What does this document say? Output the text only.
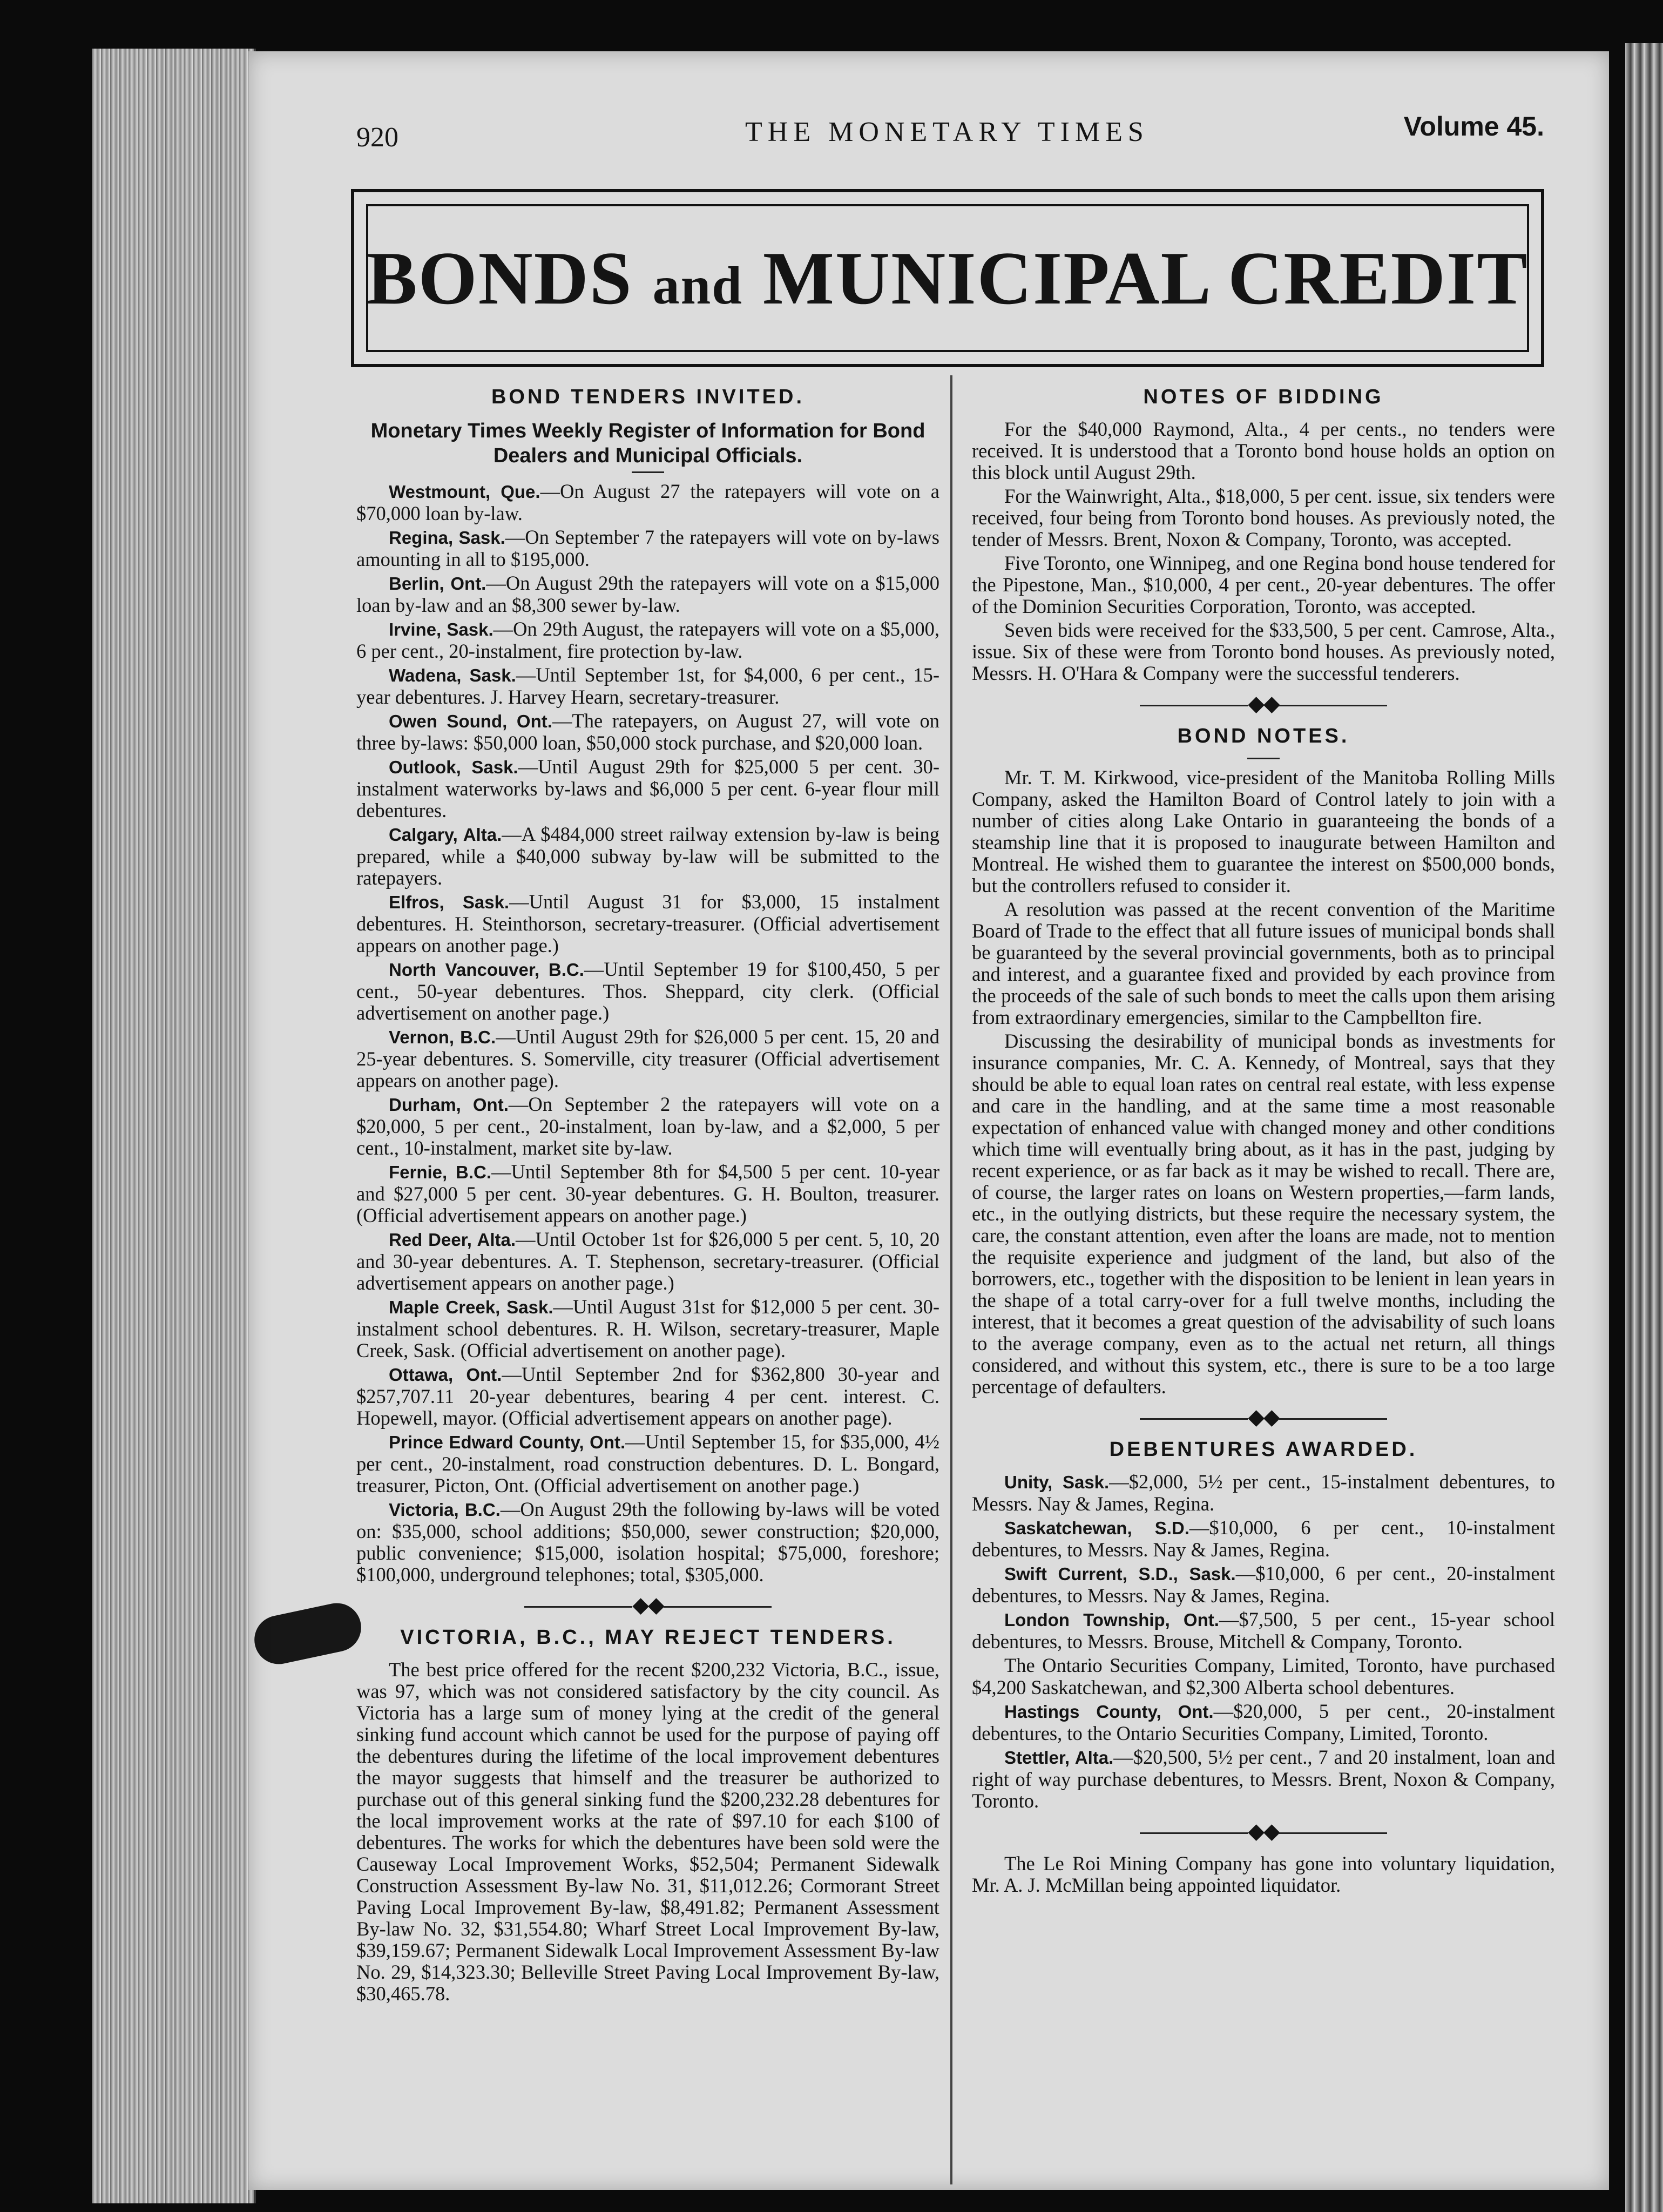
920	THE MONETARY TIMES	Volume 45.
BONDS and MUNICIPAL CREDIT
BOND TENDERS INVITED.
Monetary Times Weekly Register of Information for Bond Dealers and Municipal Officials.

Westmount, Que.—On August 27 the ratepayers will vote on a $70,000 loan by-law.

Regina, Sask.—On September 7 the ratepayers will vote on by-laws amounting in all to $195,000.

Berlin, Ont.—On August 29th the ratepayers will vote on a $15,000 loan by-law and an $8,300 sewer by-law.

Irvine, Sask.—On 29th August, the ratepayers will vote on a $5,000, 6 per cent., 20-instalment, fire protection by-law.

Wadena, Sask.—Until September 1st, for $4,000, 6 per cent., 15-year debentures. J. Harvey Hearn, secretary-treasurer.

Owen Sound, Ont.—The ratepayers, on August 27, will vote on three by-laws: $50,000 loan, $50,000 stock purchase, and $20,000 loan.

Outlook, Sask.—Until August 29th for $25,000 5 per cent. 30-instalment waterworks by-laws and $6,000 5 per cent. 6-year flour mill debentures.

Calgary, Alta.—A $484,000 street railway extension by-law is being prepared, while a $40,000 subway by-law will be submitted to the ratepayers.

Elfros, Sask.—Until August 31 for $3,000, 15 instalment debentures. H. Steinthorson, secretary-treasurer. (Official advertisement appears on another page.)

North Vancouver, B.C.—Until September 19 for $100,450, 5 per cent., 50-year debentures. Thos. Sheppard, city clerk. (Official advertisement on another page.)

Vernon, B.C.—Until August 29th for $26,000 5 per cent. 15, 20 and 25-year debentures. S. Somerville, city treasurer (Official advertisement appears on another page).

Durham, Ont.—On September 2 the ratepayers will vote on a $20,000, 5 per cent., 20-instalment, loan by-law, and a $2,000, 5 per cent., 10-instalment, market site by-law.

Fernie, B.C.—Until September 8th for $4,500 5 per cent. 10-year and $27,000 5 per cent. 30-year debentures. G. H. Boulton, treasurer. (Official advertisement appears on another page.)

Red Deer, Alta.—Until October 1st for $26,000 5 per cent. 5, 10, 20 and 30-year debentures. A. T. Stephenson, secretary-treasurer. (Official advertisement appears on another page.)

Maple Creek, Sask.—Until August 31st for $12,000 5 per cent. 30-instalment school debentures. R. H. Wilson, secretary-treasurer, Maple Creek, Sask. (Official advertisement on another page).

Ottawa, Ont.—Until September 2nd for $362,800 30-year and $257,707.11 20-year debentures, bearing 4 per cent. interest. C. Hopewell, mayor. (Official advertisement appears on another page).

Prince Edward County, Ont.—Until September 15, for $35,000, 4½ per cent., 20-instalment, road construction debentures. D. L. Bongard, treasurer, Picton, Ont. (Official advertisement on another page.)

Victoria, B.C.—On August 29th the following by-laws will be voted on: $35,000, school additions; $50,000, sewer construction; $20,000, public convenience; $15,000, isolation hospital; $75,000, foreshore; $100,000, underground telephones; total, $305,000.

◆◆
VICTORIA, B.C., MAY REJECT TENDERS.

The best price offered for the recent $200,232 Victoria, B.C., issue, was 97, which was not considered satisfactory by the city council. As Victoria has a large sum of money lying at the credit of the general sinking fund account which cannot be used for the purpose of paying off the debentures during the lifetime of the local improvement debentures the mayor suggests that himself and the treasurer be authorized to purchase out of this general sinking fund the $200,232.28 debentures for the local improvement works at the rate of $97.10 for each $100 of debentures. The works for which the debentures have been sold were the Causeway Local Improvement Works, $52,504; Permanent Sidewalk Construction Assessment By-law No. 31, $11,012.26; Cormorant Street Paving Local Improvement By-law, $8,491.82; Permanent Assessment By-law No. 32, $31,554.80; Wharf Street Local Improvement By-law, $39,159.67; Permanent Sidewalk Local Improvement Assessment By-law No. 29, $14,323.30; Belleville Street Paving Local Improvement By-law, $30,465.78.

NOTES OF BIDDING

For the $40,000 Raymond, Alta., 4 per cents., no tenders were received. It is understood that a Toronto bond house holds an option on this block until August 29th.

For the Wainwright, Alta., $18,000, 5 per cent. issue, six tenders were received, four being from Toronto bond houses. As previously noted, the tender of Messrs. Brent, Noxon & Company, Toronto, was accepted.

Five Toronto, one Winnipeg, and one Regina bond house tendered for the Pipestone, Man., $10,000, 4 per cent., 20-year debentures. The offer of the Dominion Securities Corporation, Toronto, was accepted.

Seven bids were received for the $33,500, 5 per cent. Camrose, Alta., issue. Six of these were from Toronto bond houses. As previously noted, Messrs. H. O'Hara & Company were the successful tenderers.

◆◆
BOND NOTES.

Mr. T. M. Kirkwood, vice-president of the Manitoba Rolling Mills Company, asked the Hamilton Board of Control lately to join with a number of cities along Lake Ontario in guaranteeing the bonds of a steamship line that it is proposed to inaugurate between Hamilton and Montreal. He wished them to guarantee the interest on $500,000 bonds, but the controllers refused to consider it.

A resolution was passed at the recent convention of the Maritime Board of Trade to the effect that all future issues of municipal bonds shall be guaranteed by the several provincial governments, both as to principal and interest, and a guarantee fixed and provided by each province from the proceeds of the sale of such bonds to meet the calls upon them arising from extraordinary emergencies, similar to the Campbellton fire.

Discussing the desirability of municipal bonds as investments for insurance companies, Mr. C. A. Kennedy, of Montreal, says that they should be able to equal loan rates on central real estate, with less expense and care in the handling, and at the same time a most reasonable expectation of enhanced value with changed money and other conditions which time will eventually bring about, as it has in the past, judging by recent experience, or as far back as it may be wished to recall. There are, of course, the larger rates on loans on Western properties,—farm lands, etc., in the outlying districts, but these require the necessary system, the care, the constant attention, even after the loans are made, not to mention the requisite experience and judgment of the land, but also of the borrowers, etc., together with the disposition to be lenient in lean years in the shape of a total carry-over for a full twelve months, including the interest, that it becomes a great question of the advisability of such loans to the average company, even as to the actual net return, all things considered, and without this system, etc., there is sure to be a too large percentage of defaulters.

◆◆
DEBENTURES AWARDED.

Unity, Sask.—$2,000, 5½ per cent., 15-instalment debentures, to Messrs. Nay & James, Regina.

Saskatchewan, S.D.—$10,000, 6 per cent., 10-instalment debentures, to Messrs. Nay & James, Regina.

Swift Current, S.D., Sask.—$10,000, 6 per cent., 20-instalment debentures, to Messrs. Nay & James, Regina.

London Township, Ont.—$7,500, 5 per cent., 15-year school debentures, to Messrs. Brouse, Mitchell & Company, Toronto.

The Ontario Securities Company, Limited, Toronto, have purchased $4,200 Saskatchewan, and $2,300 Alberta school debentures.

Hastings County, Ont.—$20,000, 5 per cent., 20-instalment debentures, to the Ontario Securities Company, Limited, Toronto.

Stettler, Alta.—$20,500, 5½ per cent., 7 and 20 instalment, loan and right of way purchase debentures, to Messrs. Brent, Noxon & Company, Toronto.

◆◆

The Le Roi Mining Company has gone into voluntary liquidation, Mr. A. J. McMillan being appointed liquidator.
